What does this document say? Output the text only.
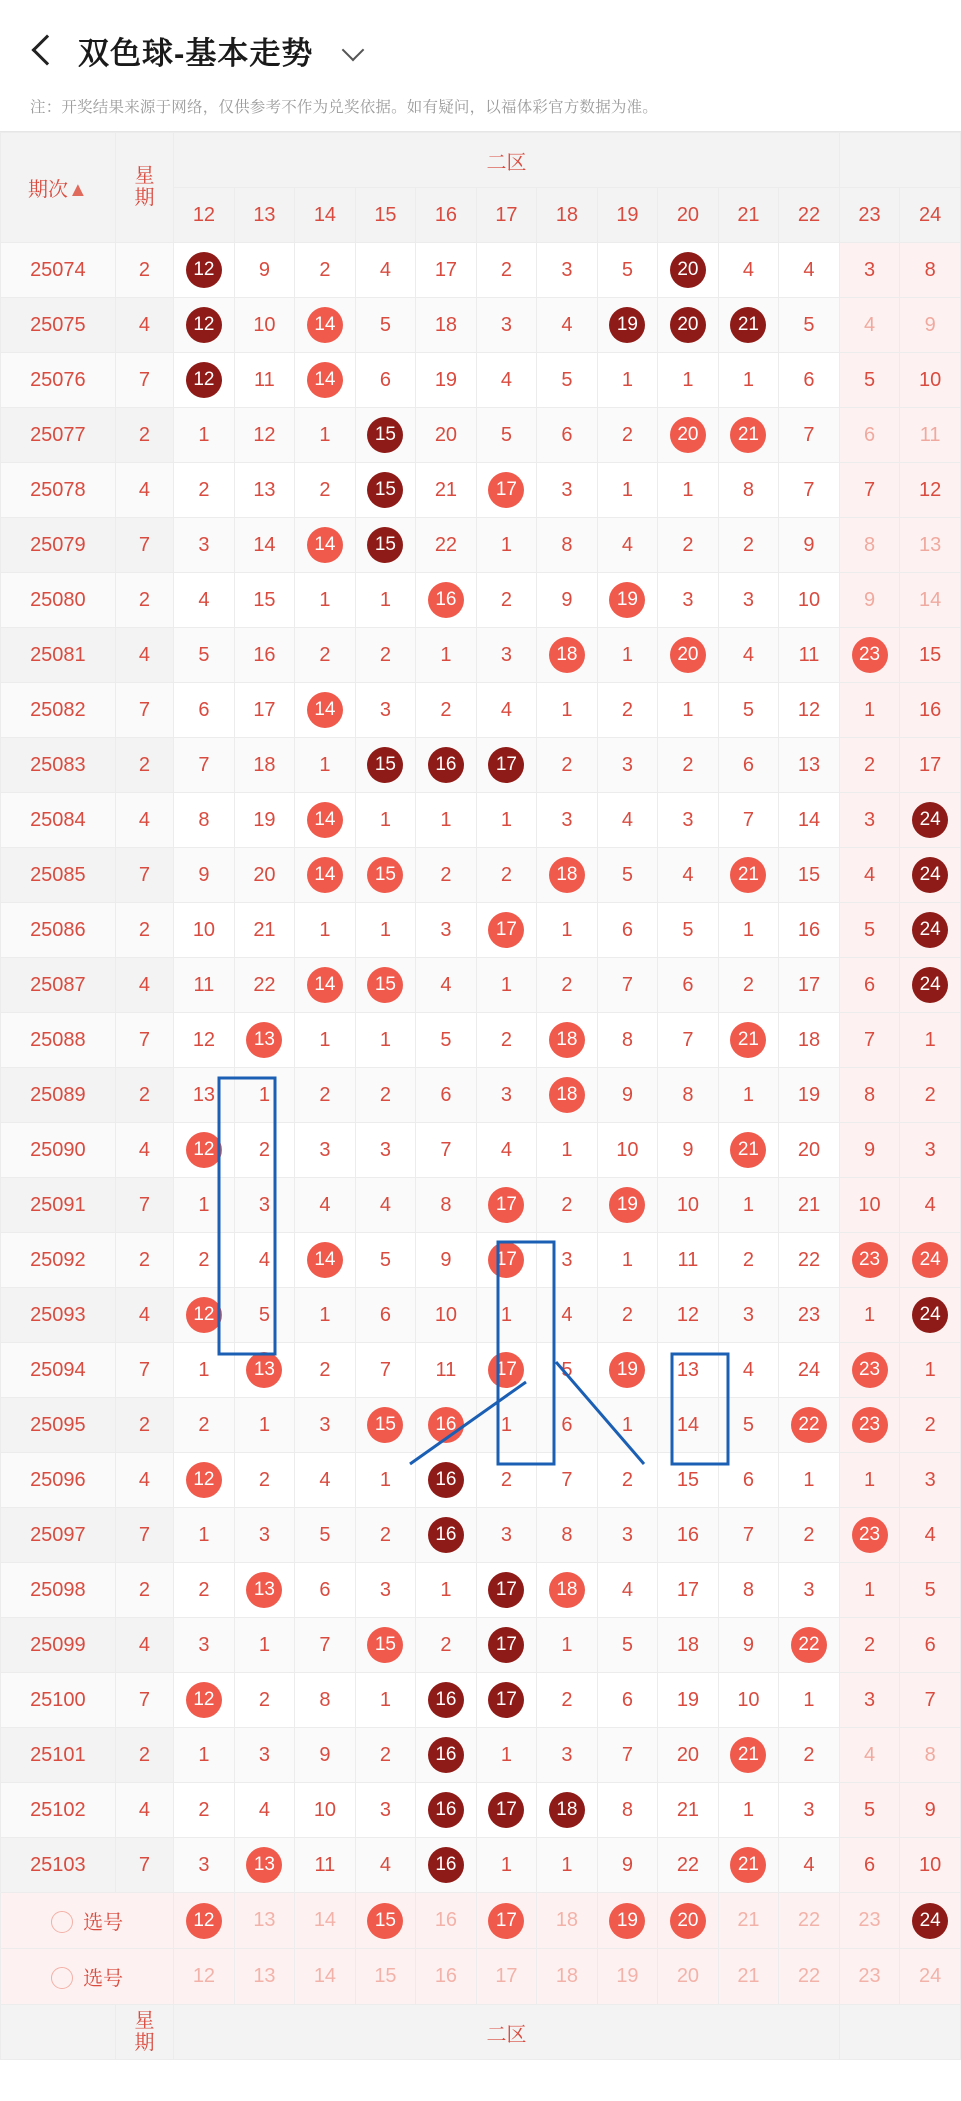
双色球-基本走势
注：开奖结果来源于网络，仅供参考不作为兑奖依据。如有疑问，以福体彩官方数据为准。
期次▲	星期	二区												
		12	13	14	15	16	17	18	19	20	21	22	23	24
25074	2	12	9	2	4	17	2	3	5	20	4	4	3	8
25075	4	12	10	14	5	18	3	4	19	20	21	5	4	9
25076	7	12	11	14	6	19	4	5	1	1	1	6	5	10
25077	2	1	12	1	15	20	5	6	2	20	21	7	6	11
25078	4	2	13	2	15	21	17	3	1	1	8	7	7	12
25079	7	3	14	14	15	22	1	8	4	2	2	9	8	13
25080	2	4	15	1	1	16	2	9	19	3	3	10	9	14
25081	4	5	16	2	2	1	3	18	1	20	4	11	23	15
25082	7	6	17	14	3	2	4	1	2	1	5	12	1	16
25083	2	7	18	1	15	16	17	2	3	2	6	13	2	17
25084	4	8	19	14	1	1	1	3	4	3	7	14	3	24
25085	7	9	20	14	15	2	2	18	5	4	21	15	4	24
25086	2	10	21	1	1	3	17	1	6	5	1	16	5	24
25087	4	11	22	14	15	4	1	2	7	6	2	17	6	24
25088	7	12	13	1	1	5	2	18	8	7	21	18	7	1
25089	2	13	1	2	2	6	3	18	9	8	1	19	8	2
25090	4	12	2	3	3	7	4	1	10	9	21	20	9	3
25091	7	1	3	4	4	8	17	2	19	10	1	21	10	4
25092	2	2	4	14	5	9	17	3	1	11	2	22	23	24
25093	4	12	5	1	6	10	1	4	2	12	3	23	1	24
25094	7	1	13	2	7	11	17	5	19	13	4	24	23	1
25095	2	2	1	3	15	16	1	6	1	14	5	22	23	2
25096	4	12	2	4	1	16	2	7	2	15	6	1	1	3
25097	7	1	3	5	2	16	3	8	3	16	7	2	23	4
25098	2	2	13	6	3	1	17	18	4	17	8	3	1	5
25099	4	3	1	7	15	2	17	1	5	18	9	22	2	6
25100	7	12	2	8	1	16	17	2	6	19	10	1	3	7
25101	2	1	3	9	2	16	1	3	7	20	21	2	4	8
25102	4	2	4	10	3	16	17	18	8	21	1	3	5	9
25103	7	3	13	11	4	16	1	1	9	22	21	4	6	10
选号		12	13	14	15	16	17	18	19	20	21	22	23	24
选号		12	13	14	15	16	17	18	19	20	21	22	23	24
	星期	二区												
